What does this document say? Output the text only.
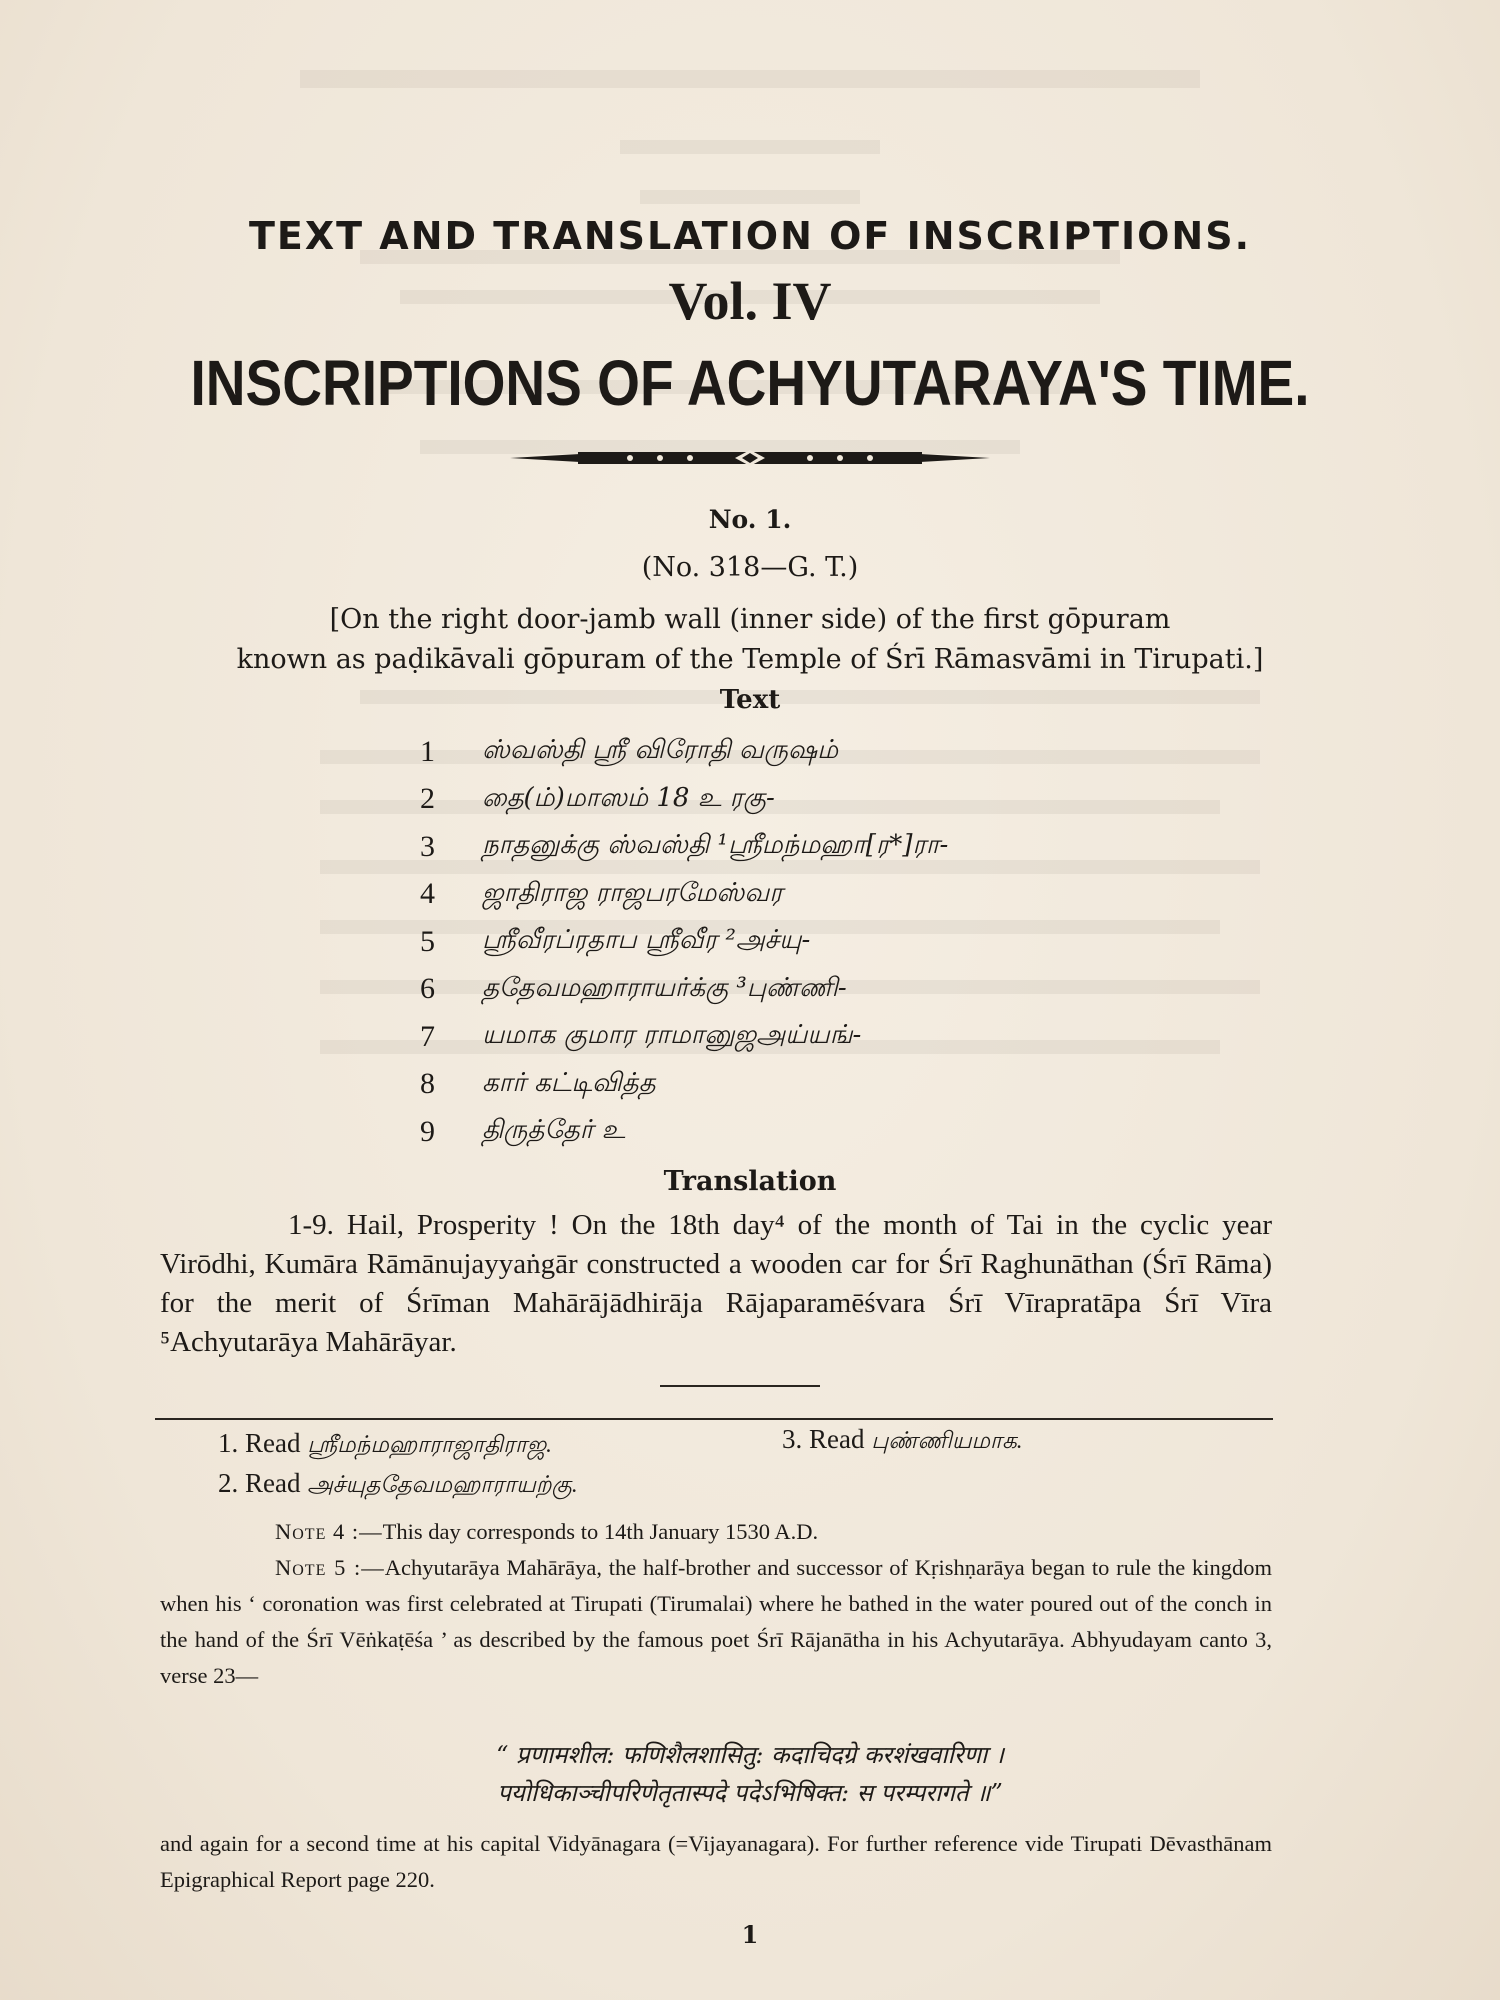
TEXT AND TRANSLATION OF INSCRIPTIONS.
Vol. IV
INSCRIPTIONS OF ACHYUTARAYA'S TIME.
No. 1.
(No. 318—G. T.)
[On the right door-jamb wall (inner side) of the first gōpuram
known as paḍikāvali gōpuram of the Temple of Śrī Rāmasvāmi in Tirupati.]
Text
1	ஸ்வஸ்தி ஸ்ரீ விரோதி வருஷம்
2	தை(ம்)மாஸம் 18 உ ரகு-
3	நாதனுக்கு ஸ்வஸ்தி ¹ஸ்ரீமந்மஹா[ர*]ரா-
4	ஜாதிராஜ ராஜபரமேஸ்வர
5	ஸ்ரீவீரப்ரதாப ஸ்ரீவீர ²அச்யு-
6	ததேவமஹாராயர்க்கு ³புண்ணி-
7	யமாக குமார ராமானுஜஅய்யங்-
8	கார் கட்டிவித்த
9	திருத்தேர் உ
Translation
1-9. Hail, Prosperity ! On the 18th day⁴ of the month of Tai in the cyclic year Virōdhi, Kumāra Rāmānujayyaṅgār constructed a wooden car for Śrī Raghunāthan (Śrī Rāma) for the merit of Śrīman Mahārājādhirāja Rājaparamēśvara Śrī Vīrapratāpa Śrī Vīra ⁵Achyutarāya Mahārāyar.
1. Read ஸ்ரீமந்மஹாராஜாதிராஜ.	3. Read புண்ணியமாக.
2. Read அச்யுததேவமஹாராயற்கு.
Note 4 :—This day corresponds to 14th January 1530 A.D.
Note 5 :—Achyutarāya Mahārāya, the half-brother and successor of Kṛishṇarāya began to rule the kingdom when his ‘ coronation was first celebrated at Tirupati (Tirumalai) where he bathed in the water poured out of the conch in the hand of the Śrī Vēṅkaṭēśa ’ as described by the famous poet Śrī Rājanātha in his Achyutarāya. Abhyudayam canto 3, verse 23—
“ प्रणामशील: फणिशैलशासितु: कदाचिदग्रे करशंखवारिणा ।
पयोधिकाञ्चीपरिणेतृतास्पदे पदेऽभिषिक्त: स परम्परागते ॥”
and again for a second time at his capital Vidyānagara (=Vijayanagara). For further reference vide Tirupati Dēvasthānam Epigraphical Report page 220.
1
